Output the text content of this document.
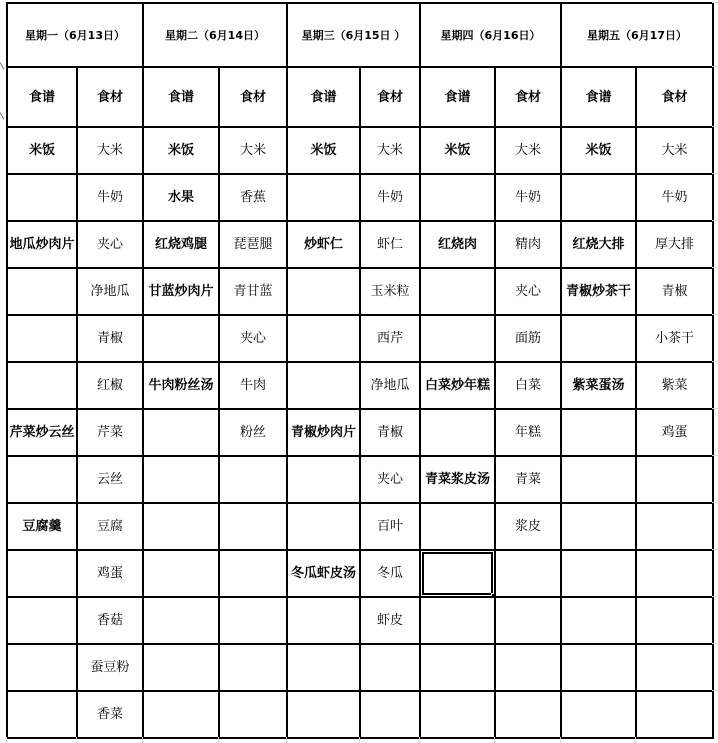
星期一（6月13日）		星期二（6月14日）		星期三（6月15日 ）		星期四（6月16日）		星期五（6月17日）	
食谱	食材	食谱	食材	食谱	食材	食谱	食材	食谱	食材
米饭	大米	米饭	大米	米饭	大米	米饭	大米	米饭	大米
	牛奶	水果	香蕉		牛奶		牛奶		牛奶
地瓜炒肉片	夹心	红烧鸡腿	琵琶腿	炒虾仁	虾仁	红烧肉	精肉	红烧大排	厚大排
	净地瓜	甘蓝炒肉片	青甘蓝		玉米粒		夹心	青椒炒茶干	青椒
	青椒		夹心		西芹		面筋		小茶干
	红椒	牛肉粉丝汤	牛肉		净地瓜	白菜炒年糕	白菜	紫菜蛋汤	紫菜
芹菜炒云丝	芹菜		粉丝	青椒炒肉片	青椒		年糕		鸡蛋
	云丝				夹心	青菜浆皮汤	青菜		
豆腐羹	豆腐				百叶		浆皮		
	鸡蛋			冬瓜虾皮汤	冬瓜	

	香菇				虾皮				
	蚕豆粉								
	香菜								
